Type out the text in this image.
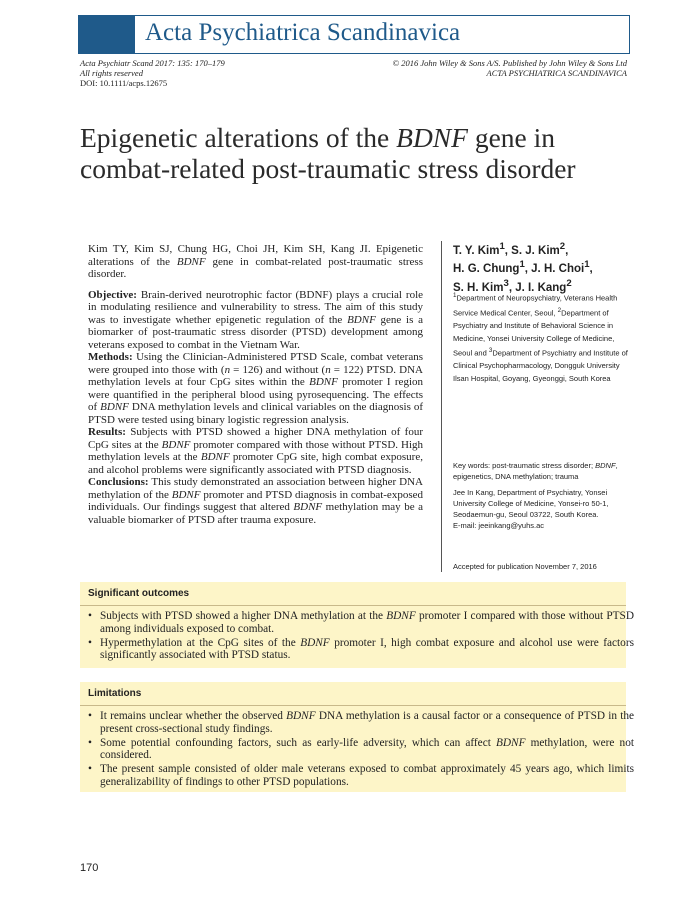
Acta Psychiatrica Scandinavica
Acta Psychiatr Scand 2017: 135: 170–179
All rights reserved
DOI: 10.1111/acps.12675
© 2016 John Wiley & Sons A/S. Published by John Wiley & Sons Ltd
ACTA PSYCHIATRICA SCANDINAVICA
Epigenetic alterations of the BDNF gene in combat-related post-traumatic stress disorder

Kim TY, Kim SJ, Chung HG, Choi JH, Kim SH, Kang JI. Epigenetic alterations of the BDNF gene in combat-related post-traumatic stress disorder.

Objective: Brain-derived neurotrophic factor (BDNF) plays a crucial role in modulating resilience and vulnerability to stress. The aim of this study was to investigate whether epigenetic regulation of the BDNF gene is a biomarker of post-traumatic stress disorder (PTSD) development among veterans exposed to combat in the Vietnam War.

Methods: Using the Clinician-Administered PTSD Scale, combat veterans were grouped into those with (n = 126) and without (n = 122) PTSD. DNA methylation levels at four CpG sites within the BDNF promoter I region were quantified in the peripheral blood using pyrosequencing. The effects of BDNF DNA methylation levels and clinical variables on the diagnosis of PTSD were tested using binary logistic regression analysis.

Results: Subjects with PTSD showed a higher DNA methylation of four CpG sites at the BDNF promoter compared with those without PTSD. High methylation levels at the BDNF promoter CpG site, high combat exposure, and alcohol problems were significantly associated with PTSD diagnosis.

Conclusions: This study demonstrated an association between higher DNA methylation of the BDNF promoter and PTSD diagnosis in combat-exposed individuals. Our findings suggest that altered BDNF methylation may be a valuable biomarker of PTSD after trauma exposure.

T. Y. Kim$^1$, S. J. Kim$^2$,
H. G. Chung$^1$, J. H. Choi$^1$,
S. H. Kim$^3$, J. I. Kang$^2$
$^1$Department of Neuropsychiatry, Veterans Health Service Medical Center, Seoul, $^2$Department of Psychiatry and Institute of Behavioral Science in Medicine, Yonsei University College of Medicine, Seoul and $^3$Department of Psychiatry and Institute of Clinical Psychopharmacology, Dongguk University Ilsan Hospital, Goyang, Gyeonggi, South Korea
Key words: post-traumatic stress disorder; BDNF, epigenetics, DNA methylation; trauma
Jee In Kang, Department of Psychiatry, Yonsei University College of Medicine, Yonsei-ro 50-1, Seodaemun-gu, Seoul 03722, South Korea.
E-mail: jeeinkang@yuhs.ac
Accepted for publication November 7, 2016
Significant outcomes
• Subjects with PTSD showed a higher DNA methylation at the BDNF promoter I compared with those without PTSD among individuals exposed to combat.
• Hypermethylation at the CpG sites of the BDNF promoter I, high combat exposure and alcohol use were factors significantly associated with PTSD status.
Limitations
• It remains unclear whether the observed BDNF DNA methylation is a causal factor or a consequence of PTSD in the present cross-sectional study findings.
• Some potential confounding factors, such as early-life adversity, which can affect BDNF methylation, were not considered.
• The present sample consisted of older male veterans exposed to combat approximately 45 years ago, which limits generalizability of findings to other PTSD populations.
170
